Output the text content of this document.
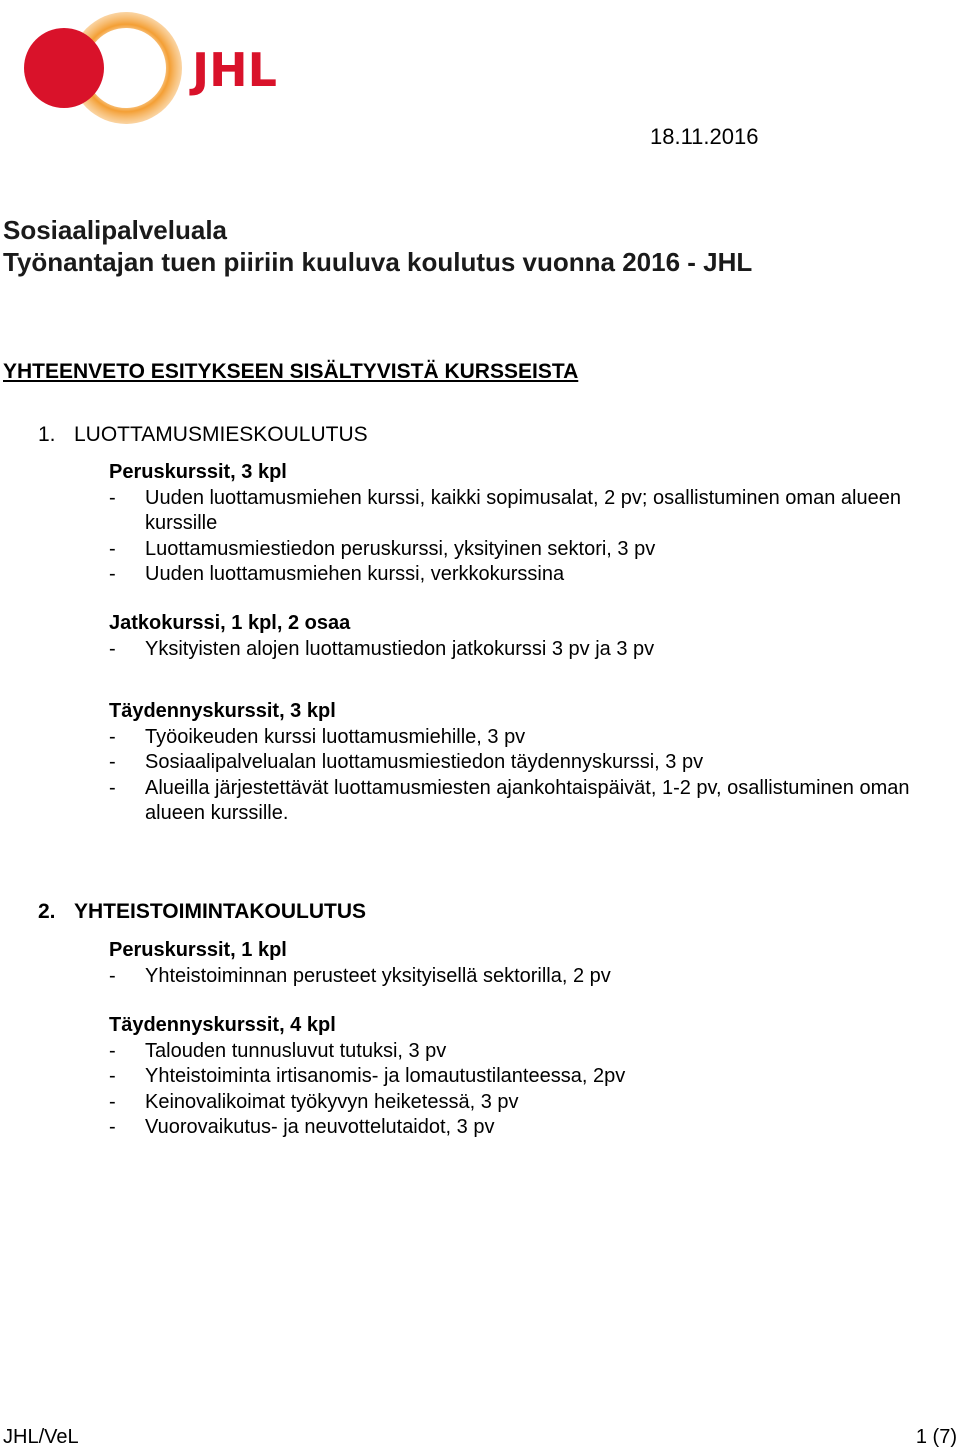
JHL
18.11.2016
Sosiaalipalveluala
Työnantajan tuen piiriin kuuluva koulutus vuonna 2016 - JHL
YHTEENVETO ESITYKSEEN SISÄLTYVISTÄ KURSSEISTA
1. LUOTTAMUSMIESKOULUTUS
Peruskurssit, 3 kpl
- Uuden luottamusmiehen kurssi, kaikki sopimusalat, 2 pv; osallistuminen oman alueen kurssille
- Luottamusmiestiedon peruskurssi, yksityinen sektori, 3 pv
- Uuden luottamusmiehen kurssi, verkkokurssina
Jatkokurssi, 1 kpl, 2 osaa
- Yksityisten alojen luottamustiedon jatkokurssi 3 pv ja 3 pv
Täydennyskurssit, 3 kpl
- Työoikeuden kurssi luottamusmiehille, 3 pv
- Sosiaalipalvelualan luottamusmiestiedon täydennyskurssi, 3 pv
- Alueilla järjestettävät luottamusmiesten ajankohtaispäivät, 1-2 pv, osallistuminen oman alueen kurssille.
2. YHTEISTOIMINTAKOULUTUS
Peruskurssit, 1 kpl
- Yhteistoiminnan perusteet yksityisellä sektorilla, 2 pv
Täydennyskurssit, 4 kpl
- Talouden tunnusluvut tutuksi, 3 pv
- Yhteistoiminta irtisanomis- ja lomautustilanteessa, 2pv
- Keinovalikoimat työkyvyn heiketessä, 3 pv
- Vuorovaikutus- ja neuvottelutaidot, 3 pv
JHL/VeL	1 (7)
